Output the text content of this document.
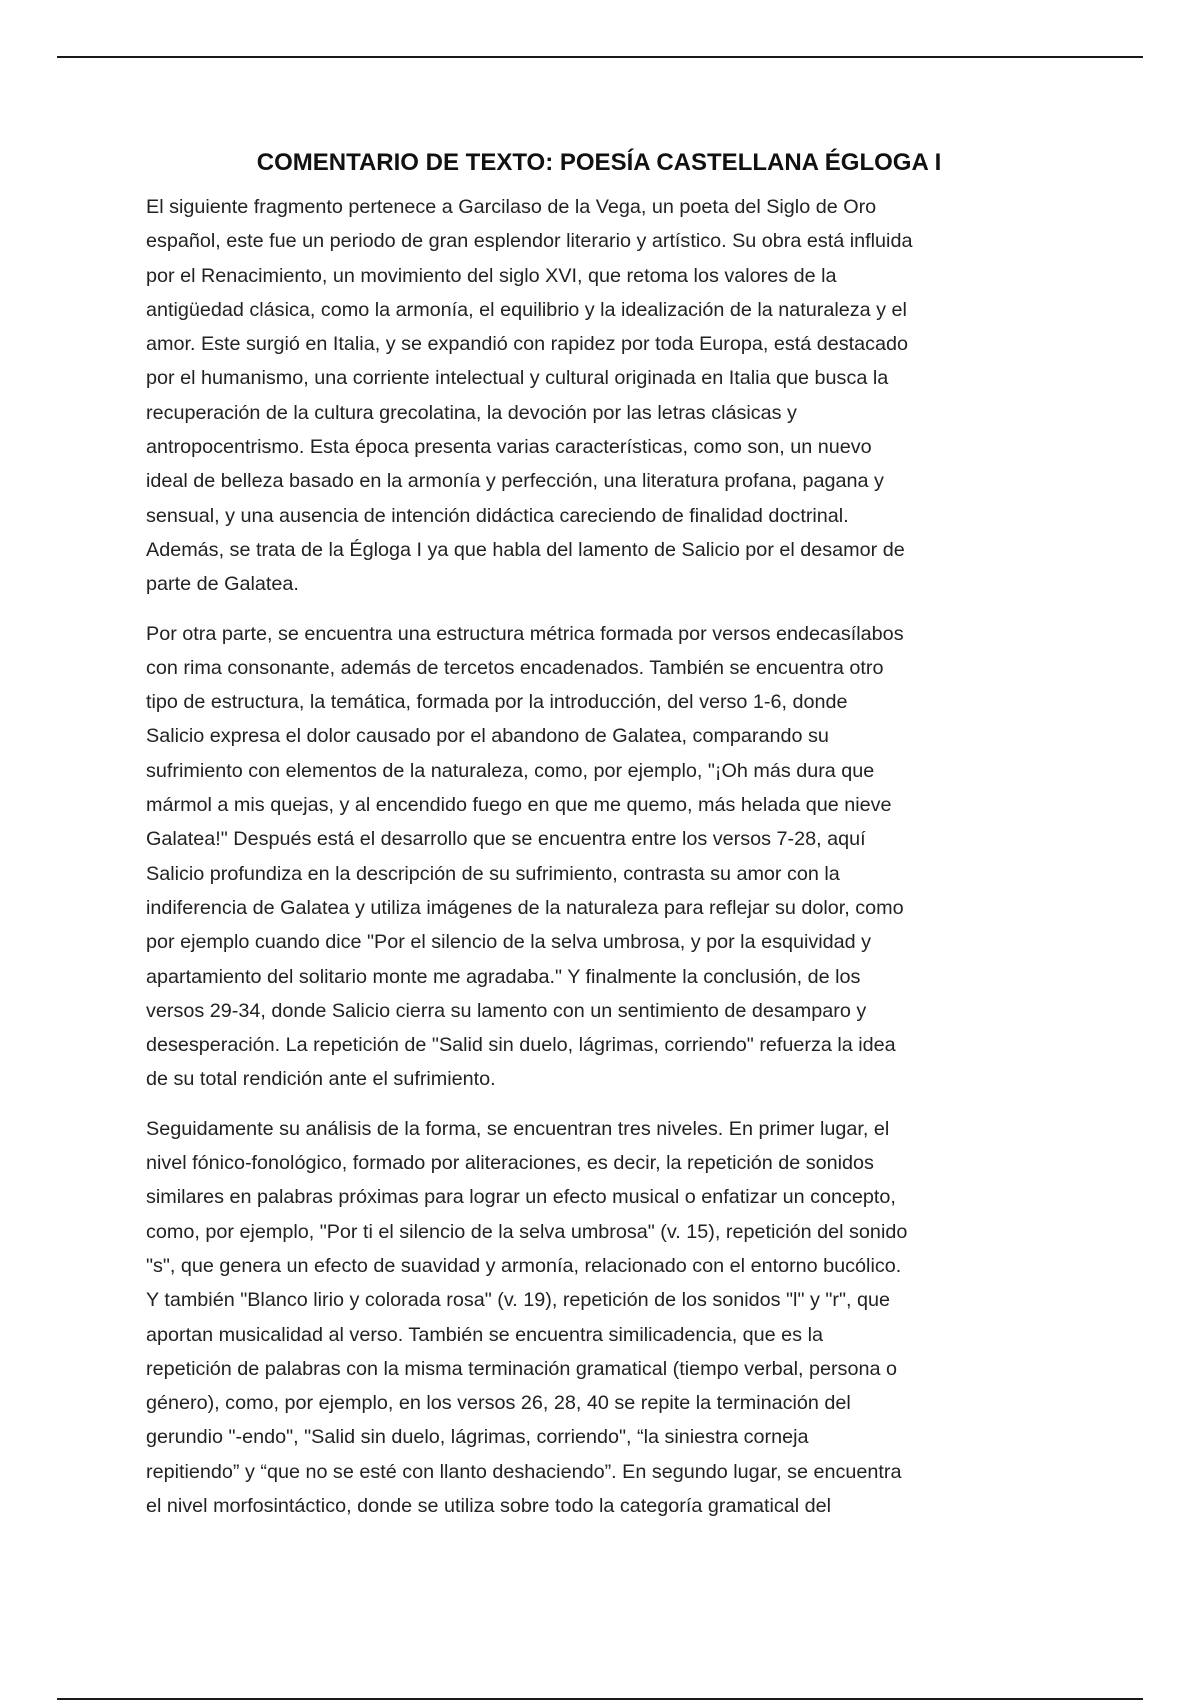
COMENTARIO DE TEXTO: POESÍA CASTELLANA ÉGLOGA I
El siguiente fragmento pertenece a Garcilaso de la Vega, un poeta del Siglo de Oro
español, este fue un periodo de gran esplendor literario y artístico. Su obra está influida
por el Renacimiento, un movimiento del siglo XVI, que retoma los valores de la
antigüedad clásica, como la armonía, el equilibrio y la idealización de la naturaleza y el
amor. Este surgió en Italia, y se expandió con rapidez por toda Europa, está destacado
por el humanismo, una corriente intelectual y cultural originada en Italia que busca la
recuperación de la cultura grecolatina, la devoción por las letras clásicas y
antropocentrismo. Esta época presenta varias características, como son, un nuevo
ideal de belleza basado en la armonía y perfección, una literatura profana, pagana y
sensual, y una ausencia de intención didáctica careciendo de finalidad doctrinal.
Además, se trata de la Égloga I ya que habla del lamento de Salicio por el desamor de
parte de Galatea.
Por otra parte, se encuentra una estructura métrica formada por versos endecasílabos
con rima consonante, además de tercetos encadenados. También se encuentra otro
tipo de estructura, la temática, formada por la introducción, del verso 1-6, donde
Salicio expresa el dolor causado por el abandono de Galatea, comparando su
sufrimiento con elementos de la naturaleza, como, por ejemplo, "¡Oh más dura que
mármol a mis quejas, y al encendido fuego en que me quemo, más helada que nieve
Galatea!" Después está el desarrollo que se encuentra entre los versos 7-28, aquí
Salicio profundiza en la descripción de su sufrimiento, contrasta su amor con la
indiferencia de Galatea y utiliza imágenes de la naturaleza para reflejar su dolor, como
por ejemplo cuando dice "Por el silencio de la selva umbrosa, y por la esquividad y
apartamiento del solitario monte me agradaba." Y finalmente la conclusión, de los
versos 29-34, donde Salicio cierra su lamento con un sentimiento de desamparo y
desesperación. La repetición de "Salid sin duelo, lágrimas, corriendo" refuerza la idea
de su total rendición ante el sufrimiento.
Seguidamente su análisis de la forma, se encuentran tres niveles. En primer lugar, el
nivel fónico-fonológico, formado por aliteraciones, es decir, la repetición de sonidos
similares en palabras próximas para lograr un efecto musical o enfatizar un concepto,
como, por ejemplo, "Por ti el silencio de la selva umbrosa" (v. 15), repetición del sonido
"s", que genera un efecto de suavidad y armonía, relacionado con el entorno bucólico.
Y también "Blanco lirio y colorada rosa" (v. 19), repetición de los sonidos "l" y "r", que
aportan musicalidad al verso. También se encuentra similicadencia, que es la
repetición de palabras con la misma terminación gramatical (tiempo verbal, persona o
género), como, por ejemplo, en los versos 26, 28, 40 se repite la terminación del
gerundio "-endo", "Salid sin duelo, lágrimas, corriendo", “la siniestra corneja
repitiendo” y “que no se esté con llanto deshaciendo”. En segundo lugar, se encuentra
el nivel morfosintáctico, donde se utiliza sobre todo la categoría gramatical del
